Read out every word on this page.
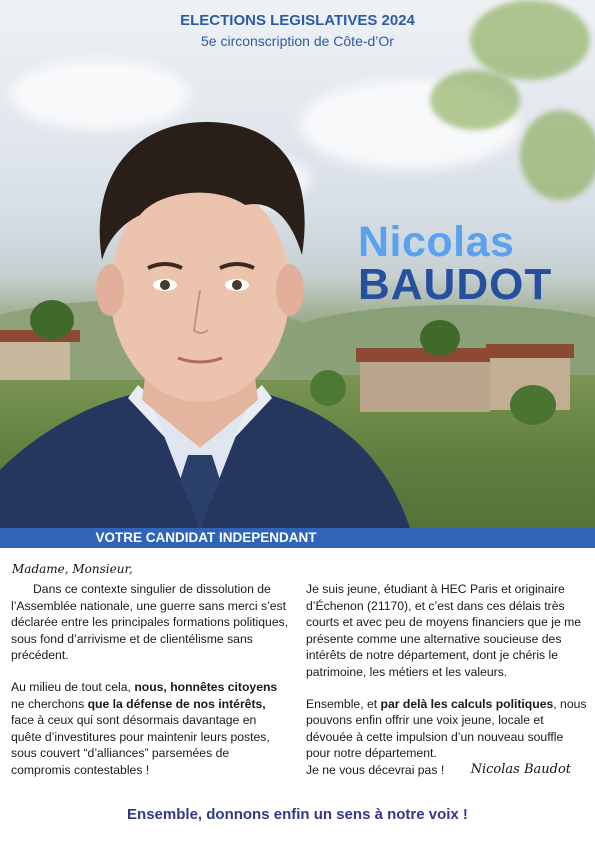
ELECTIONS LEGISLATIVES 2024
5e circonscription de Côte-d’Or
Nicolas
BAUDOT
VOTRE CANDIDAT INDEPENDANT
Madame, Monsieur,

Dans ce contexte singulier de dissolution de l’Assemblée nationale, une guerre sans merci s’est déclarée entre les principales formations politiques, sous fond d’arrivisme et de clientélisme sans précédent.

Au milieu de tout cela, nous, honnêtes citoyens ne cherchons que la défense de nos intérêts, face à ceux qui sont désormais davantage en quête d’investitures pour maintenir leurs postes, sous couvert “d’alliances” parsemées de compromis contestables !

Je suis jeune, étudiant à HEC Paris et originaire d’Échenon (21170), et c’est dans ces délais très courts et avec peu de moyens financiers que je me présente comme une alternative soucieuse des intérêts de notre département, dont je chéris le patrimoine, les métiers et les valeurs.

Ensemble, et par delà les calculs politiques, nous pouvons enfin offrir une voix jeune, locale et dévouée à cette impulsion d’un nouveau souffle pour notre département.

Je ne vous décevrai pas ! Nicolas Baudot
Ensemble, donnons enfin un sens à notre voix !
